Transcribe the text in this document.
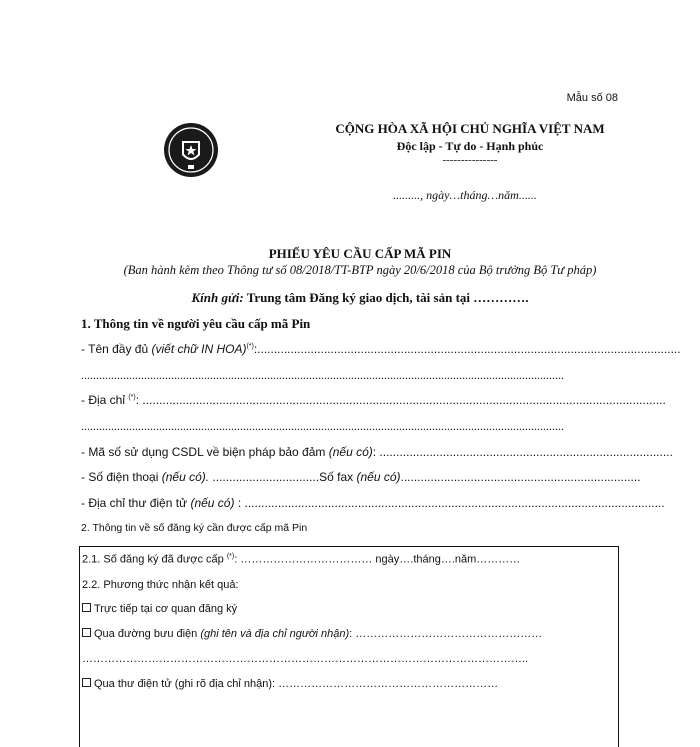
Mẫu số 08
CỘNG HÒA XÃ HỘI CHỦ NGHĨA VIỆT NAM
Độc lập - Tự do - Hạnh phúc
---------------
........., ngày…tháng…năm......
PHIẾU YÊU CẦU CẤP MÃ PIN
(Ban hành kèm theo Thông tư số 08/2018/TT-BTP ngày 20/6/2018 của Bộ trưởng Bộ Tư pháp)
Kính gửi: Trung tâm Đăng ký giao dịch, tài sản tại ………….
1. Thông tin về người yêu cầu cấp mã Pin
- Tên đầy đủ (viết chữ IN HOA)(*):...............................................................................................................................
.................................................................................................................................................................
- Địa chỉ (*): .............................................................................................................................................................
.................................................................................................................................................................
- Mã số sử dụng CSDL về biện pháp bảo đảm (nếu có): ........................................................................................
- Số điện thoại (nếu có). ................................Số fax (nếu có)........................................................................
- Địa chỉ thư điện tử (nếu có) : ..............................................................................................................................
2. Thông tin về số đăng ký cần được cấp mã Pin
2.1. Số đăng ký đã được cấp (*): ……………………………… ngày….tháng….năm…………
2.2. Phương thức nhận kết quả:
Trực tiếp tại cơ quan đăng ký
Qua đường bưu điện (ghi tên và địa chỉ người nhận): ……………………………………………
…………………………………………………………………………………………………………..
Qua thư điện tử (ghi rõ địa chỉ nhận): ……………………………………………………
